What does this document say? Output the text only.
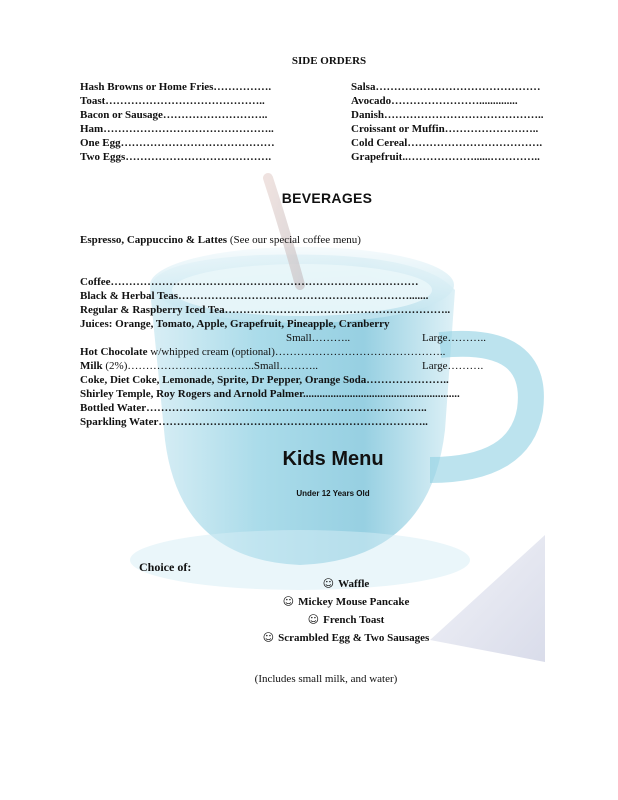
SIDE ORDERS
Hash Browns or Home Fries…………….
Toast……………………………………..
Bacon or Sausage………………………..
Ham………………………………………..
One Egg……………………………………
Two Eggs………………………………….
Salsa………………………………………
Avocado……………………..............
Danish……………………………………..
Croissant or Muffin……………………..
Cold Cereal……………………………….
Grapefruit..………………......…………..
BEVERAGES
Espresso, Cappuccino & Lattes (See our special coffee menu)
Coffee…………………………………………………………………………
Black & Herbal Teas……………………………………………………….......
Regular & Raspberry Iced Tea……………………………………………………..
Juices: Orange, Tomato, Apple, Grapefruit, Pineapple, Cranberry
Small………..	Large………..
Hot Chocolate w/whipped cream (optional)………………………………………..
Milk (2%)……………………………..Small………..	Large……….
Coke, Diet Coke, Lemonade, Sprite, Dr Pepper, Orange Soda…………………..
Shirley Temple, Roy Rogers and Arnold Palmer.........................................................
Bottled Water…………………………………………………………………..
Sparkling Water………………………………………………………………..
Kids Menu
Under 12 Years Old
Choice of:
☺ Waffle
☺ Mickey Mouse Pancake
☺ French Toast
☺ Scrambled Egg & Two Sausages
(Includes small milk, and water)
